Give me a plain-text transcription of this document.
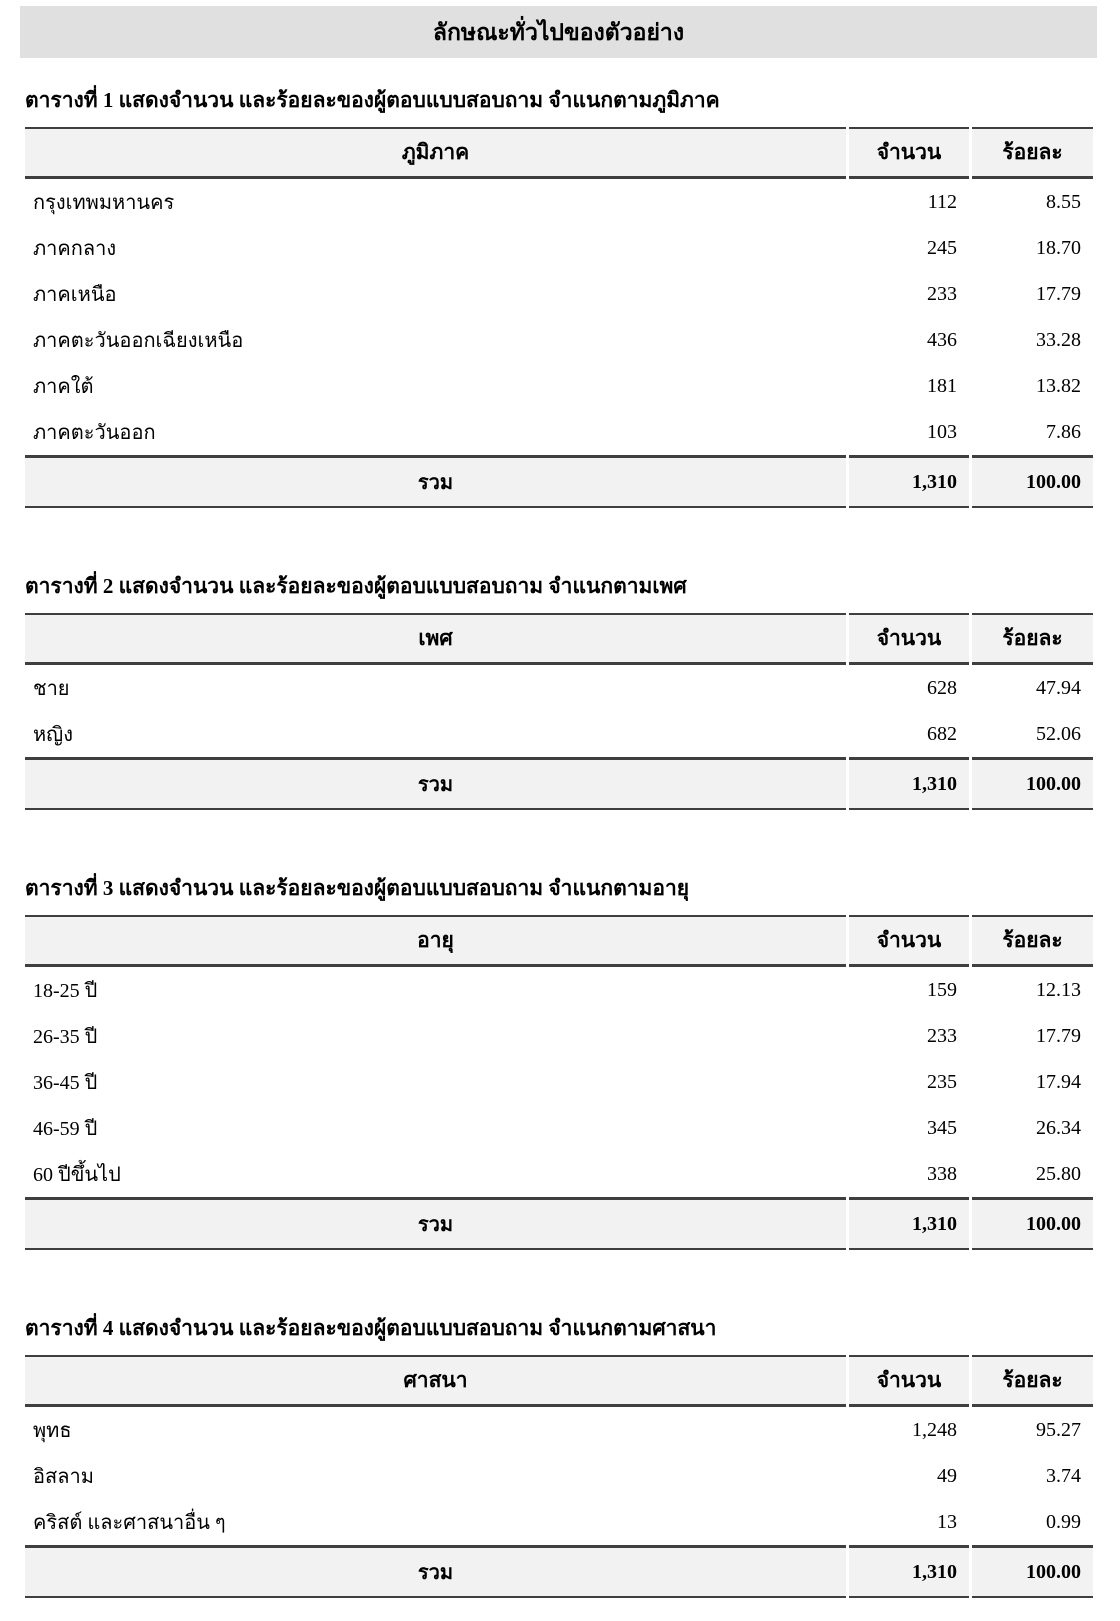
ลักษณะทั่วไปของตัวอย่าง
ตารางที่ 1 แสดงจำนวน และร้อยละของผู้ตอบแบบสอบถาม จำแนกตามภูมิภาค
ภูมิภาค	จำนวน	ร้อยละ
กรุงเทพมหานคร	112	8.55
ภาคกลาง	245	18.70
ภาคเหนือ	233	17.79
ภาคตะวันออกเฉียงเหนือ	436	33.28
ภาคใต้	181	13.82
ภาคตะวันออก	103	7.86
รวม	1,310	100.00
ตารางที่ 2 แสดงจำนวน และร้อยละของผู้ตอบแบบสอบถาม จำแนกตามเพศ
เพศ	จำนวน	ร้อยละ
ชาย	628	47.94
หญิง	682	52.06
รวม	1,310	100.00
ตารางที่ 3 แสดงจำนวน และร้อยละของผู้ตอบแบบสอบถาม จำแนกตามอายุ
อายุ	จำนวน	ร้อยละ
18-25 ปี	159	12.13
26-35 ปี	233	17.79
36-45 ปี	235	17.94
46-59 ปี	345	26.34
60 ปีขึ้นไป	338	25.80
รวม	1,310	100.00
ตารางที่ 4 แสดงจำนวน และร้อยละของผู้ตอบแบบสอบถาม จำแนกตามศาสนา
ศาสนา	จำนวน	ร้อยละ
พุทธ	1,248	95.27
อิสลาม	49	3.74
คริสต์ และศาสนาอื่น ๆ	13	0.99
รวม	1,310	100.00
